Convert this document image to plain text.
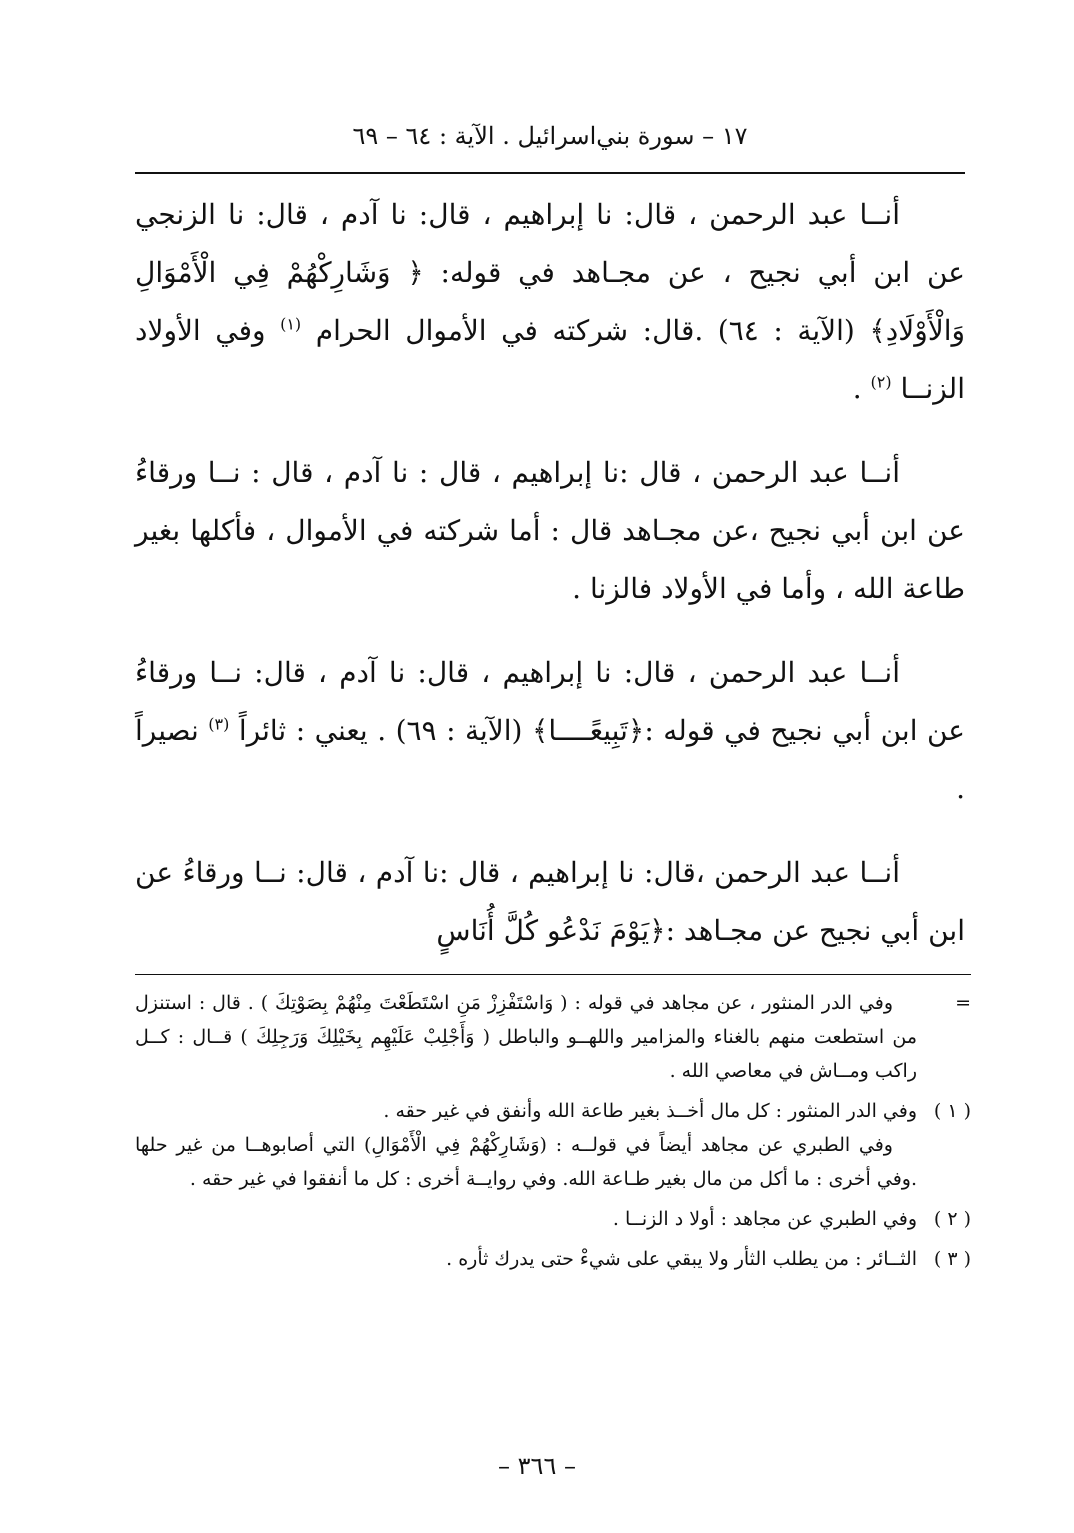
١٧ – سورة بني‌اسرائيل . الآية : ٦٤ – ٦٩

أنــا عبد الرحمن ، قال: نا إبراهيم ، قال: نا آدم ، قال: نا الزنجي عن ابن أبي نجيح ، عن مجـاهد في قوله: ﴿ وَشَارِكْهُمْ فِي الْأَمْوَالِ وَالْأَوْلَادِ﴾ (الآية : ٦٤) .قال: شركته في الأموال الحرام $^{(١)}$ وفي الأولاد الزنــا $^{(٢)}$ .

أنــا عبد الرحمن ، قال :نا إبراهيم ، قال : نا آدم ، قال : نــا ورقاءُ عن ابن أبي نجيح ،عن مجـاهد قال : أما شركته في الأموال ، فأكلها بغير طاعة الله ، وأما في الأولاد فالزنا .

أنــا عبد الرحمن ، قال: نا إبراهيم ، قال: نا آدم ، قال: نــا ورقاءُ عن ابن أبي نجيح في قوله :﴿تَبِيعًــــا﴾ (الآية : ٦٩) . يعني : ثائراً $^{(٣)}$ نصيراً .

أنــا عبد الرحمن ،قال: نا إبراهيم ، قال :نا آدم ، قال: نــا ورقاءُ عن ابن أبي نجيح عن مجـاهد :﴿يَوْمَ نَدْعُو كُلَّ أُنَاسٍ

=

وفي الدر المنثور ، عن مجاهد في قوله : ( وَاسْتَفْزِزْ مَنِ اسْتَطَعْتَ مِنْهُمْ بِصَوْتِكَ ) . قال : استنزل من استطعت منهم بالغناء والمزامير واللهــو والباطل ( وَأَجْلِبْ عَلَيْهِم بِخَيْلِكَ وَرَجِلِكَ ) قــال : كــل راكب ومــاش في معاصي الله .

( ١ )

وفي الدر المنثور : كل مال أخــذ بغير طاعة الله وأنفق في غير حقه .

وفي الطبري عن مجاهد أيضاً في قولــه : (وَشَارِكْهُمْ فِي الْأَمْوَالِ) التي أصابوهــا من غير حلها .وفي أخرى : ما أكل من مال بغير طـاعة الله. وفي روايــة أخرى : كل ما أنفقوا في غير حقه .

( ٢ )

وفي الطبري عن مجاهد : أولا د الزنــا .

( ٣ )

الثــائر : من يطلب الثأر ولا يبقي على شيءْ حتى يدرك ثأره .

– ٣٦٦ –
